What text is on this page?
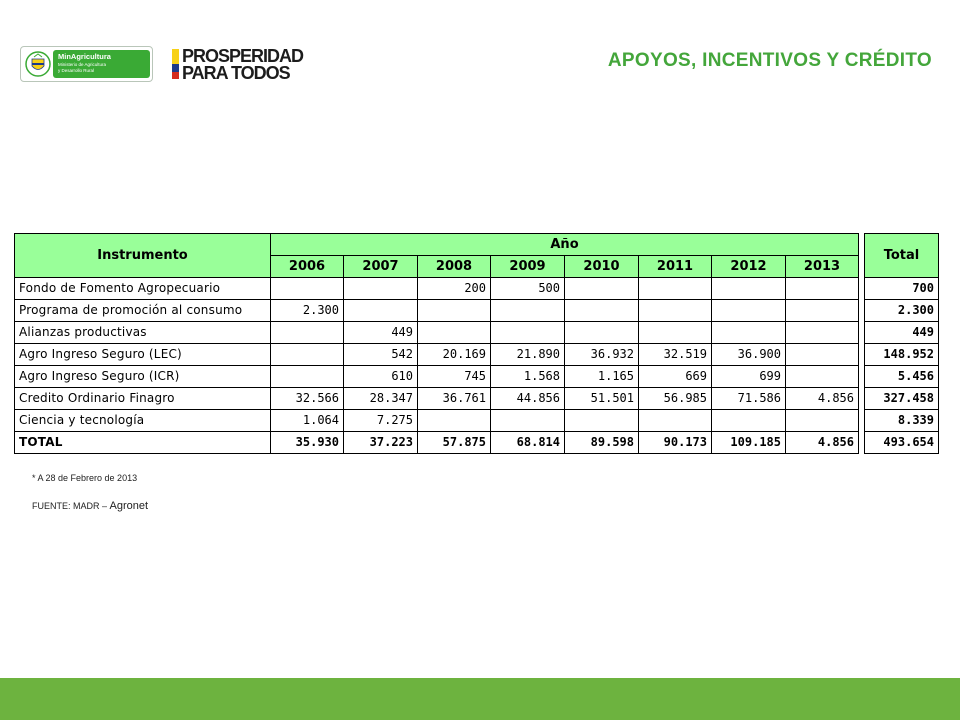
MinAgricultura
Ministerio de Agricultura
y Desarrollo Rural
PROSPERIDAD
PARA TODOS
APOYOS, INCENTIVOS Y CRÉDITO
Instrumento	Año									Total
	2006	2007	2008	2009	2010	2011	2012	2013		
Fondo de Fomento Agropecuario			200	500						700
Programa de promoción al consumo	2.300									2.300
Alianzas productivas		449								449
Agro Ingreso Seguro (LEC)		542	20.169	21.890	36.932	32.519	36.900			148.952
Agro Ingreso Seguro (ICR)		610	745	1.568	1.165	669	699			5.456
Credito Ordinario Finagro	32.566	28.347	36.761	44.856	51.501	56.985	71.586	4.856		327.458
Ciencia y tecnología	1.064	7.275								8.339
TOTAL	35.930	37.223	57.875	68.814	89.598	90.173	109.185	4.856		493.654
* A 28 de Febrero de 2013
FUENTE: MADR – Agronet
